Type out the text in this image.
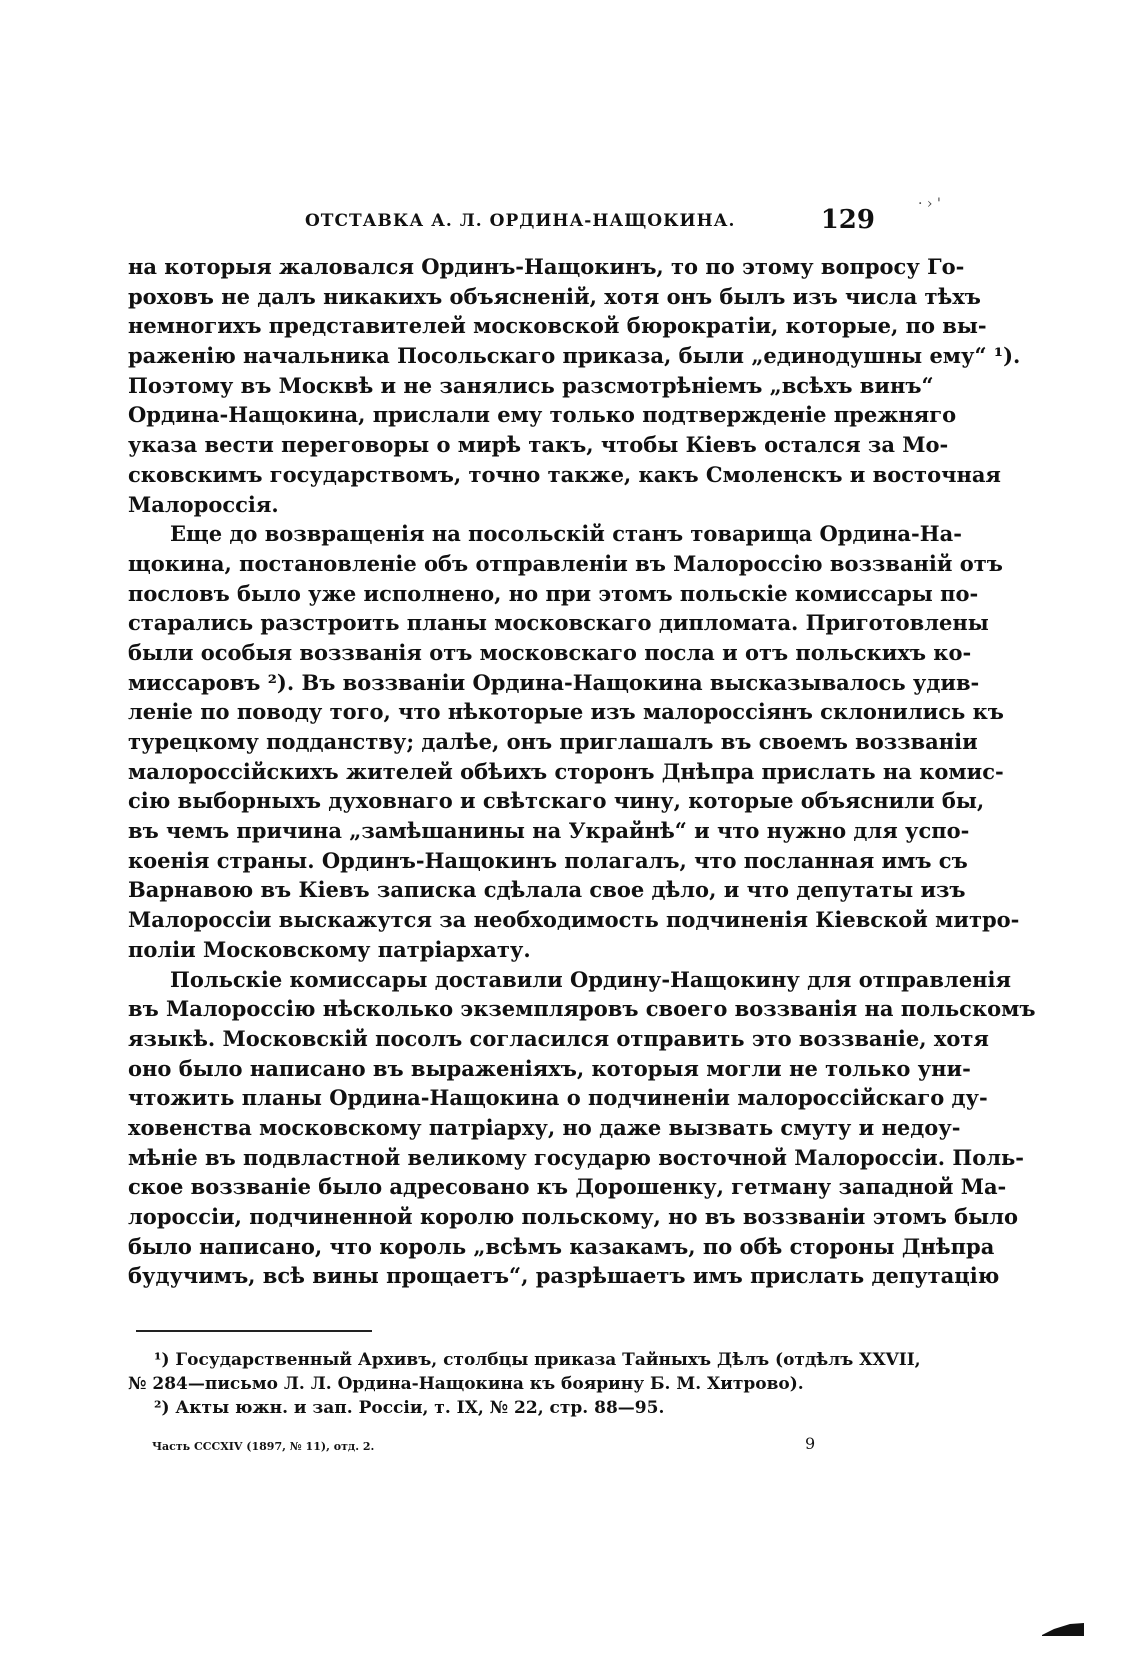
ОТСТАВКА А. Л. ОРДИНА-НАЩОКИНА.	129
· › '
на которыя жаловался Ординъ-Нащокинъ, то по этому вопросу Го-
роховъ не далъ никакихъ объясненій, хотя онъ былъ изъ числа тѣхъ
немногихъ представителей московской бюрократіи, которые, по вы-
раженію начальника Посольскаго приказа, были „единодушны ему“ ¹).
Поэтому въ Москвѣ и не занялись разсмотрѣніемъ „всѣхъ винъ“
Ордина-Нащокина, прислали ему только подтвержденіе прежняго
указа вести переговоры о мирѣ такъ, чтобы Кіевъ остался за Мо-
сковскимъ государствомъ, точно также, какъ Смоленскъ и восточная
Малороссія.
Еще до возвращенія на посольскій станъ товарища Ордина-На-
щокина, постановленіе объ отправленіи въ Малороссію воззваній отъ
пословъ было уже исполнено, но при этомъ польскіе комиссары по-
старались разстроить планы московскаго дипломата. Приготовлены
были особыя воззванія отъ московскаго посла и отъ польскихъ ко-
миссаровъ ²). Въ воззваніи Ордина-Нащокина высказывалось удив-
леніе по поводу того, что нѣкоторые изъ малороссіянъ склонились къ
турецкому подданству; далѣе, онъ приглашалъ въ своемъ воззваніи
малороссійскихъ жителей обѣихъ сторонъ Днѣпра прислать на комис-
сію выборныхъ духовнаго и свѣтскаго чину, которые объяснили бы,
въ чемъ причина „замѣшанины на Украйнѣ“ и что нужно для успо-
коенія страны. Ординъ-Нащокинъ полагалъ, что посланная имъ съ
Варнавою въ Кіевъ записка сдѣлала свое дѣло, и что депутаты изъ
Малороссіи выскажутся за необходимость подчиненія Кіевской митро-
поліи Московскому патріархату.
Польскіе комиссары доставили Ордину-Нащокину для отправленія
въ Малороссію нѣсколько экземпляровъ своего воззванія на польскомъ
языкѣ. Московскій посолъ согласился отправить это воззваніе, хотя
оно было написано въ выраженіяхъ, которыя могли не только уни-
чтожить планы Ордина-Нащокина о подчиненіи малороссійскаго ду-
ховенства московскому патріарху, но даже вызвать смуту и недоу-
мѣніе въ подвластной великому государю восточной Малороссіи. Поль-
ское воззваніе было адресовано къ Дорошенку, гетману западной Ма-
лороссіи, подчиненной королю польскому, но въ воззваніи этомъ было
было написано, что король „всѣмъ казакамъ, по обѣ стороны Днѣпра
будучимъ, всѣ вины прощаетъ“, разрѣшаетъ имъ прислать депутацію
¹) Государственный Архивъ, столбцы приказа Тайныхъ Дѣлъ (отдѣлъ XXVII,
№ 284—письмо Л. Л. Ордина-Нащокина къ боярину Б. М. Хитрово).
²) Акты южн. и зап. Россіи, т. IX, № 22, стр. 88—95.
Часть CCCXIV (1897, № 11), отд. 2.	9
